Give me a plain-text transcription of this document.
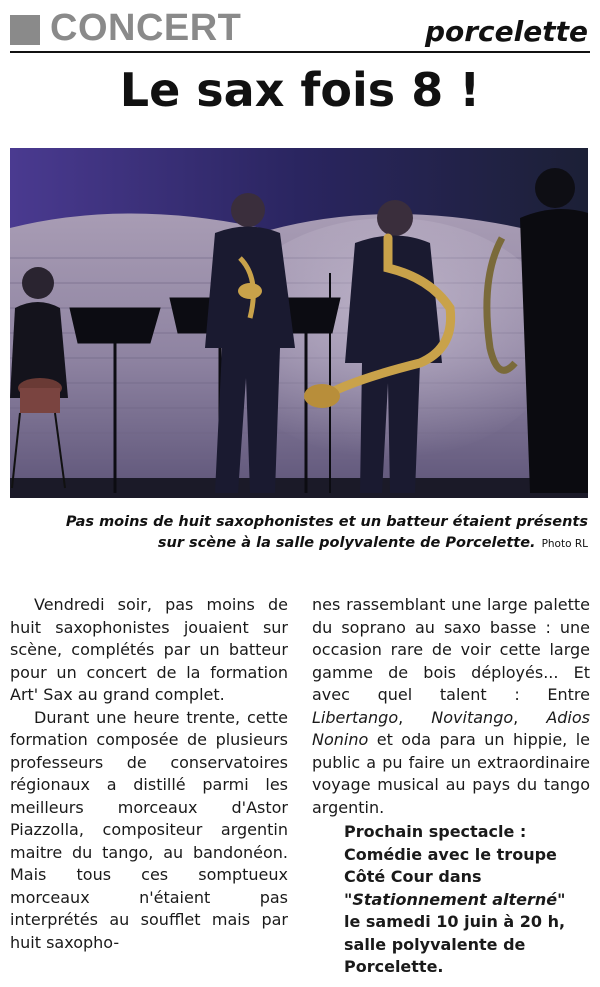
CONCERT	porcelette
Le sax fois 8 !
Pas moins de huit saxophonistes et un batteur étaient présents
sur scène à la salle polyvalente de Porcelette. Photo RL

Vendredi soir, pas moins de huit saxophonistes jouaient sur scène, complétés par un batteur pour un concert de la formation Art' Sax au grand complet.

Durant une heure trente, cette formation composée de plusieurs professeurs de conservatoires régionaux a distillé parmi les meilleurs morceaux d'Astor Piazzolla, compositeur argentin maitre du tango, au bandonéon. Mais tous ces somptueux morceaux n'étaient pas interprétés au soufflet mais par huit saxopho-

nes rassemblant une large palette du soprano au saxo basse : une occasion rare de voir cette large gamme de bois déployés... Et avec quel talent : Entre Libertango, Novitango, Adios Nonino et oda para un hippie, le public a pu faire un extraordinaire voyage musical au pays du tango argentin.

Prochain spectacle :
Comédie avec le troupe
Côté Cour dans
"Stationnement alterné"
le samedi 10 juin à 20 h,
salle polyvalente de
Porcelette.
